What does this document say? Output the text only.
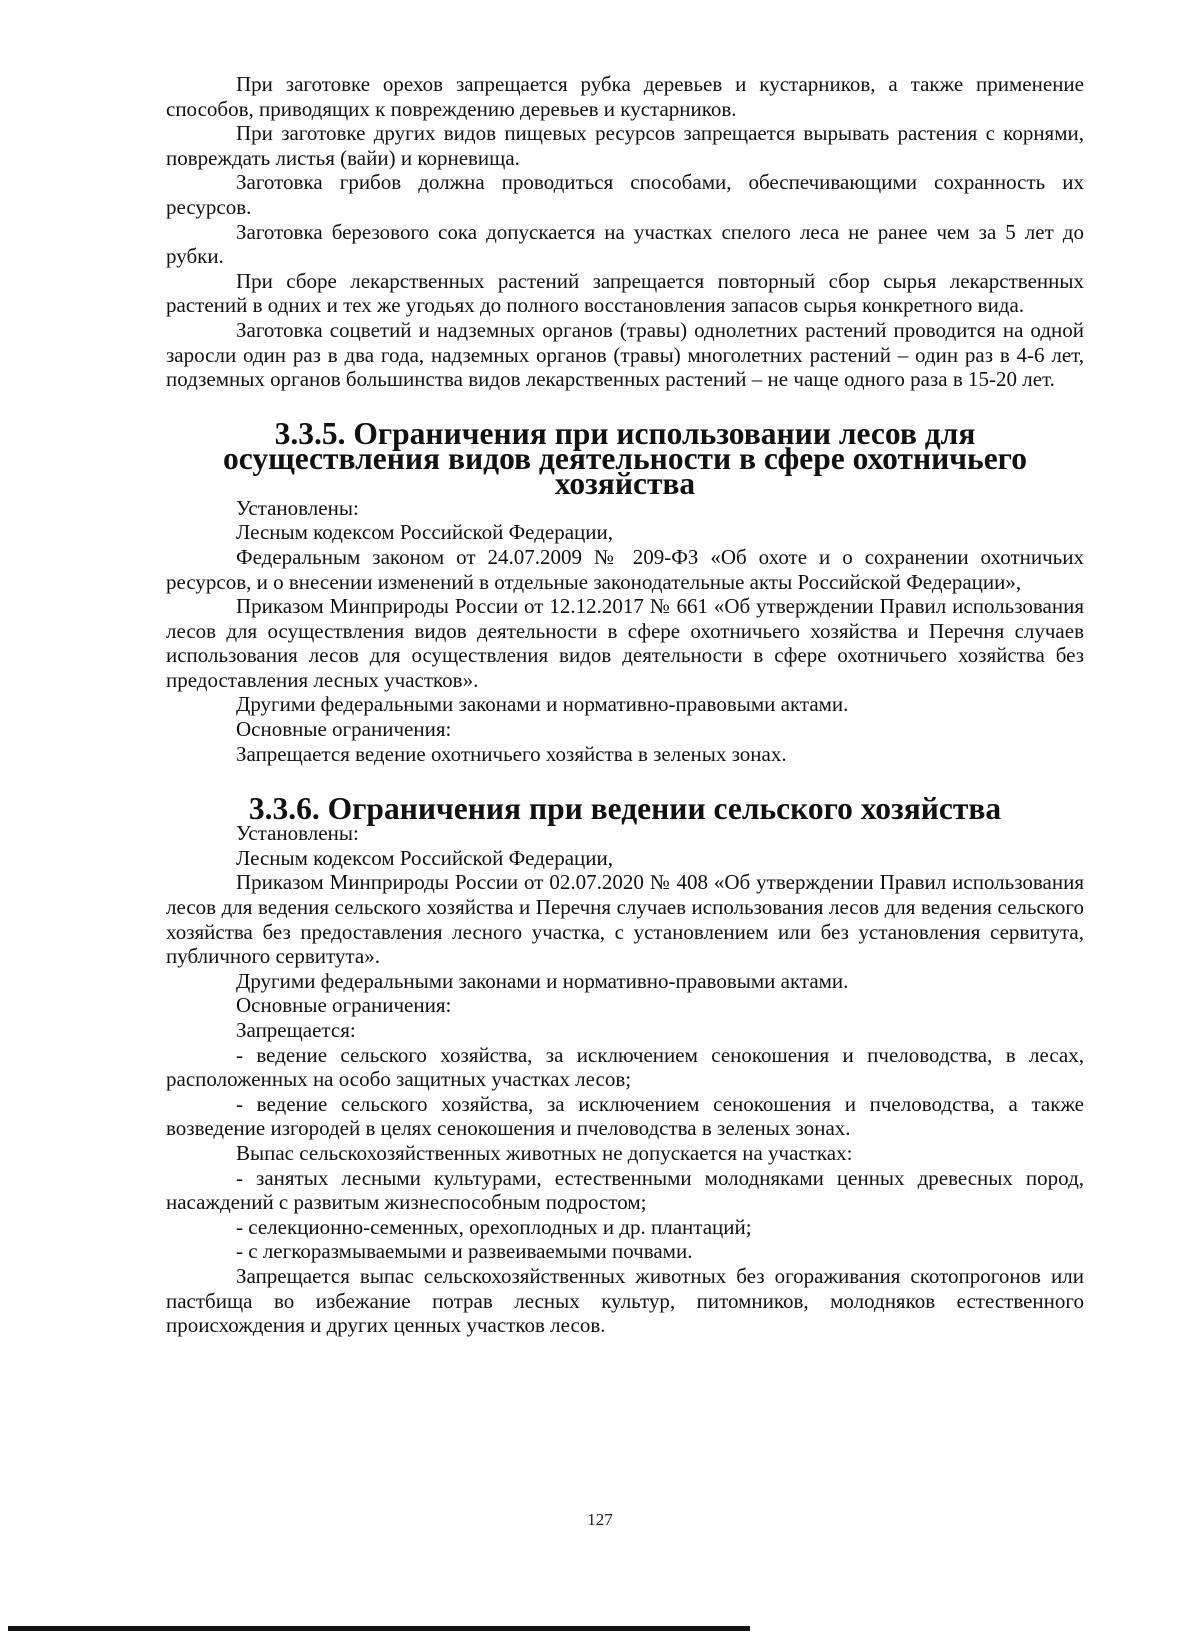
При заготовке орехов запрещается рубка деревьев и кустарников, а также применение способов, приводящих к повреждению деревьев и кустарников.

При заготовке других видов пищевых ресурсов запрещается вырывать растения с корнями, повреждать листья (вайи) и корневища.

Заготовка грибов должна проводиться способами, обеспечивающими сохранность их ресурсов.

Заготовка березового сока допускается на участках спелого леса не ранее чем за 5 лет до рубки.

При сборе лекарственных растений запрещается повторный сбор сырья лекарственных растений в одних и тех же угодьях до полного восстановления запасов сырья конкретного вида.

Заготовка соцветий и надземных органов (травы) однолетних растений проводится на одной заросли один раз в два года, надземных органов (травы) многолетних растений – один раз в 4-6 лет, подземных органов большинства видов лекарственных растений – не чаще одного раза в 15-20 лет.

3.3.5. Ограничения при использовании лесов для осуществления видов деятельности в сфере охотничьего хозяйства

Установлены:

Лесным кодексом Российской Федерации,

Федеральным законом от 24.07.2009 № 209-ФЗ «Об охоте и о сохранении охотничьих ресурсов, и о внесении изменений в отдельные законодательные акты Российской Федерации»,

Приказом Минприроды России от 12.12.2017 № 661 «Об утверждении Правил использования лесов для осуществления видов деятельности в сфере охотничьего хозяйства и Перечня случаев использования лесов для осуществления видов деятельности в сфере охотничьего хозяйства без предоставления лесных участков».

Другими федеральными законами и нормативно-правовыми актами.

Основные ограничения:

Запрещается ведение охотничьего хозяйства в зеленых зонах.

3.3.6. Ограничения при ведении сельского хозяйства

Установлены:

Лесным кодексом Российской Федерации,

Приказом Минприроды России от 02.07.2020 № 408 «Об утверждении Правил использования лесов для ведения сельского хозяйства и Перечня случаев использования лесов для ведения сельского хозяйства без предоставления лесного участка, с установлением или без установления сервитута, публичного сервитута».

Другими федеральными законами и нормативно-правовыми актами.

Основные ограничения:

Запрещается:

- ведение сельского хозяйства, за исключением сенокошения и пчеловодства, в лесах, расположенных на особо защитных участках лесов;

- ведение сельского хозяйства, за исключением сенокошения и пчеловодства, а также возведение изгородей в целях сенокошения и пчеловодства в зеленых зонах.

Выпас сельскохозяйственных животных не допускается на участках:

- занятых лесными культурами, естественными молодняками ценных древесных пород, насаждений с развитым жизнеспособным подростом;

- селекционно-семенных, орехоплодных и др. плантаций;

- с легкоразмываемыми и развеиваемыми почвами.

Запрещается выпас сельскохозяйственных животных без огораживания скотопрогонов или пастбища во избежание потрав лесных культур, питомников, молодняков естественного происхождения и других ценных участков лесов.

127
